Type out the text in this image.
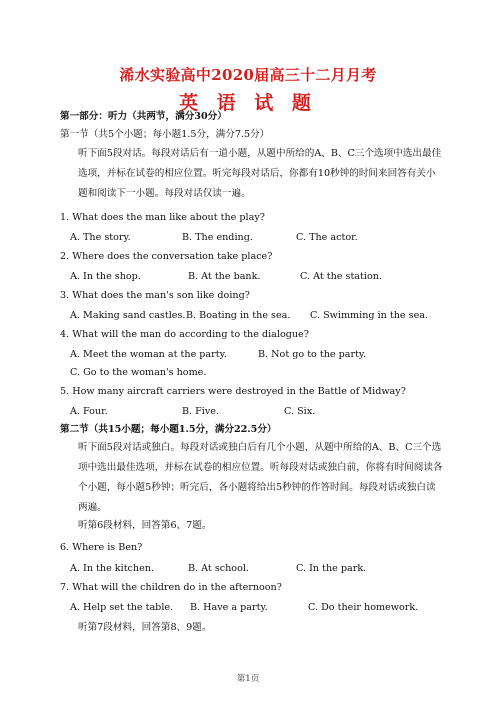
浠水实验高中2020届高三十二月月考
英 语 试 题
第一部分：听力（共两节，满分30分）
第一节（共5个小题；每小题1.5分，满分7.5分）
听下面5段对话。每段对话后有一道小题，从题中所给的A、B、C三个选项中选出最佳选项，并标在试卷的相应位置。听完每段对话后，你都有10秒钟的时间来回答有关小题和阅读下一小题。每段对话仅读一遍。
1. What does the man like about the play?
A. The story.	B. The ending.	C. The actor.
2. Where does the conversation take place?
A. In the shop.	B. At the bank.	C. At the station.
3. What does the man's son like doing?
A. Making sand castles. B. Boating in the sea. C. Swimming in the sea.
4. What will the man do according to the dialogue?
A. Meet the woman at the party.	B. Not go to the party.
C. Go to the woman's home.
5. How many aircraft carriers were destroyed in the Battle of Midway?
A. Four.	B. Five.	C. Six.
第二节（共15小题；每小题1.5分，满分22.5分）
听下面5段对话或独白。每段对话或独白后有几个小题，从题中所给的A、B、C三个选项中选出最佳选项，并标在试卷的相应位置。听每段对话或独白前，你将有时间阅读各个小题，每小题5秒钟；听完后，各小题将给出5秒钟的作答时间。每段对话或独白读两遍。
听第6段材料，回答第6、7题。
6. Where is Ben?
A. In the kitchen.	B. At school.	C. In the park.
7. What will the children do in the afternoon?
A. Help set the table. B. Have a party.	C. Do their homework.
听第7段材料，回答第8、9题。
第1页
